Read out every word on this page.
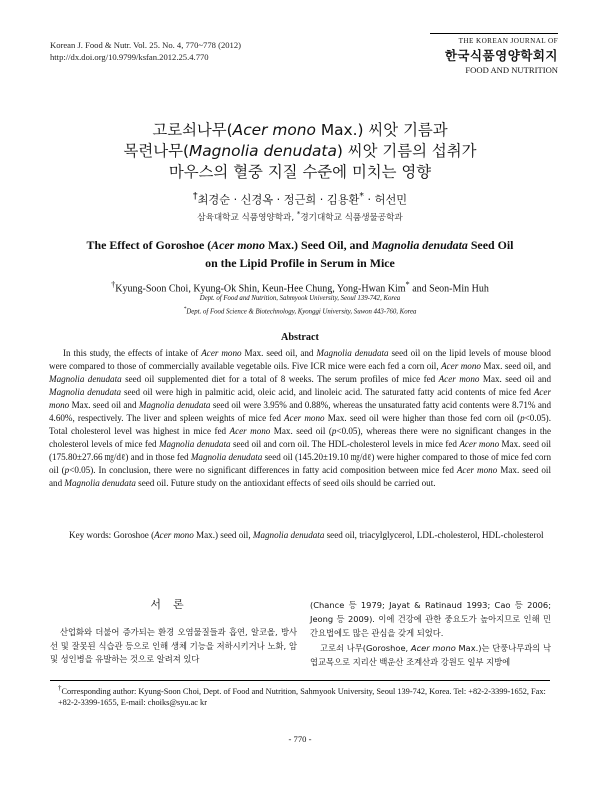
Korean J. Food & Nutr. Vol. 25. No. 4, 770~778 (2012)
http://dx.doi.org/10.9799/ksfan.2012.25.4.770
THE KOREAN JOURNAL OF
한국식품영양학회지
FOOD AND NUTRITION
고로쇠나무(Acer mono Max.) 씨앗 기름과
목련나무(Magnolia denudata) 씨앗 기름의 섭취가
마우스의 혈중 지질 수준에 미치는 영향
†최경순 · 신경옥 · 정근희 · 김용환* · 허선민
삼육대학교 식품영양학과, *경기대학교 식품생물공학과
The Effect of Goroshoe (Acer mono Max.) Seed Oil, and Magnolia denudata Seed Oil
on the Lipid Profile in Serum in Mice
†Kyung-Soon Choi, Kyung-Ok Shin, Keun-Hee Chung, Yong-Hwan Kim* and Seon-Min Huh
Dept. of Food and Nutrition, Sahmyook University, Seoul 139-742, Korea
*Dept. of Food Science & Biotechnology, Kyonggi University, Suwon 443-760, Korea
Abstract
In this study, the effects of intake of Acer mono Max. seed oil, and Magnolia denudata seed oil on the lipid levels of mouse blood were compared to those of commercially available vegetable oils. Five ICR mice were each fed a corn oil, Acer mono Max. seed oil, and Magnolia denudata seed oil supplemented diet for a total of 8 weeks. The serum profiles of mice fed Acer mono Max. seed oil and Magnolia denudata seed oil were high in palmitic acid, oleic acid, and linoleic acid. The saturated fatty acid contents of mice fed Acer mono Max. seed oil and Magnolia denudata seed oil were 3.95% and 0.88%, whereas the unsaturated fatty acid contents were 8.71% and 4.60%, respectively. The liver and spleen weights of mice fed Acer mono Max. seed oil were higher than those fed corn oil (p<0.05). Total cholesterol level was highest in mice fed Acer mono Max. seed oil (p<0.05), whereas there were no significant changes in the cholesterol levels of mice fed Magnolia denudata seed oil and corn oil. The HDL-cholesterol levels in mice fed Acer mono Max. seed oil (175.80±27.66 ㎎/dℓ) and in those fed Magnolia denudata seed oil (145.20±19.10 ㎎/dℓ) were higher compared to those of mice fed corn oil (p<0.05). In conclusion, there were no significant differences in fatty acid composition between mice fed Acer mono Max. seed oil and Magnolia denudata seed oil. Future study on the antioxidant effects of seed oils should be carried out.
Key words: Goroshoe (Acer mono Max.) seed oil, Magnolia denudata seed oil, triacylglycerol, LDL-cholesterol, HDL-cholesterol
서론
산업화와 더불어 증가되는 환경 오염물질들과 흡연, 알코올, 방사선 및 잘못된 식습관 등으로 인해 생체 기능을 저하시키거나 노화, 암 및 성인병을 유발하는 것으로 알려져 있다

(Chance 등 1979; Jayat & Ratinaud 1993; Cao 등 2006; Jeong 등 2009). 이에 건강에 관한 중요도가 높아지므로 인해 민간요법에도 많은 관심을 갖게 되었다.

고로쇠 나무(Goroshoe, Acer mono Max.)는 단풍나무과의 낙엽교목으로 지리산 백운산 조계산과 강원도 일부 지방에

†Corresponding author: Kyung-Soon Choi, Dept. of Food and Nutrition, Sahmyook University, Seoul 139-742, Korea. Tel: +82-2-3399-1652, Fax: +82-2-3399-1655, E-mail: choiks@syu.ac kr
- 770 -
